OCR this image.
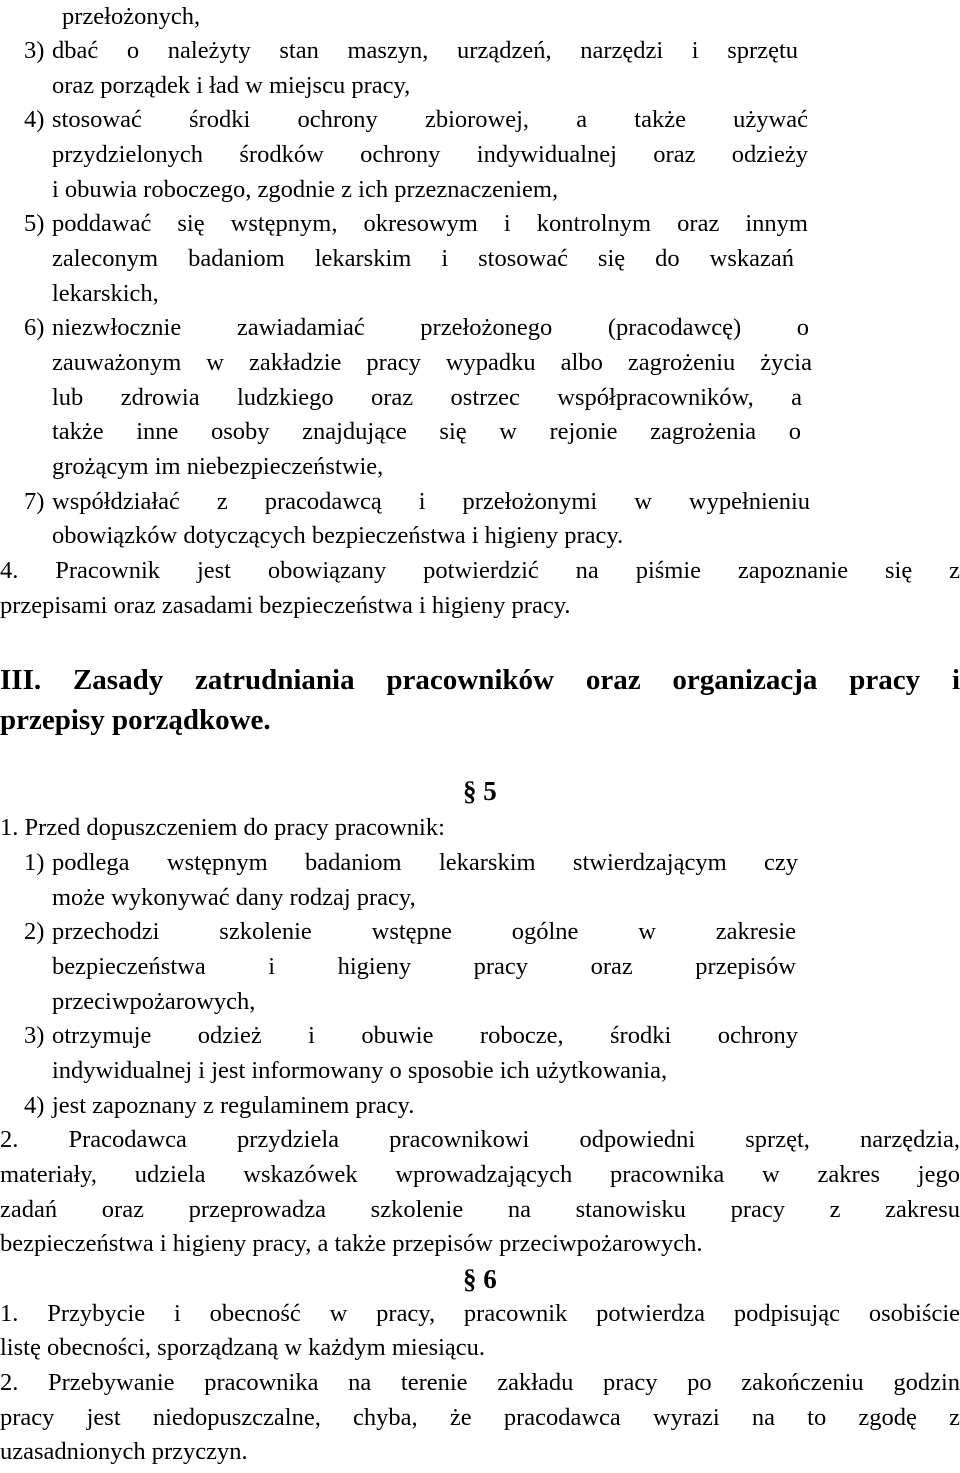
przełożonych,
3) dbać o należyty stan maszyn, urządzeń, narzędzi i sprzętu
oraz porządek i ład w miejscu pracy,
4) stosować środki ochrony zbiorowej, a także używać
przydzielonych środków ochrony indywidualnej oraz odzieży
i obuwia roboczego, zgodnie z ich przeznaczeniem,
5) poddawać się wstępnym, okresowym i kontrolnym oraz innym
zaleconym badaniom lekarskim i stosować się do wskazań
lekarskich,
6) niezwłocznie zawiadamiać przełożonego (pracodawcę) o
zauważonym w zakładzie pracy wypadku albo zagrożeniu życia
lub zdrowia ludzkiego oraz ostrzec współpracowników, a
także inne osoby znajdujące się w rejonie zagrożenia o
grożącym im niebezpieczeństwie,
7) współdziałać z pracodawcą i przełożonymi w wypełnieniu
obowiązków dotyczących bezpieczeństwa i higieny pracy.
4. Pracownik jest obowiązany potwierdzić na piśmie zapoznanie się z
przepisami oraz zasadami bezpieczeństwa i higieny pracy.
III. Zasady zatrudniania pracowników oraz organizacja pracy i
przepisy porządkowe.
§ 5
1. Przed dopuszczeniem do pracy pracownik:
1) podlega wstępnym badaniom lekarskim stwierdzającym czy
może wykonywać dany rodzaj pracy,
2) przechodzi szkolenie wstępne ogólne w zakresie
bezpieczeństwa i higieny pracy oraz przepisów
przeciwpożarowych,
3) otrzymuje odzież i obuwie robocze, środki ochrony
indywidualnej i jest informowany o sposobie ich użytkowania,
4) jest zapoznany z regulaminem pracy.
2. Pracodawca przydziela pracownikowi odpowiedni sprzęt, narzędzia,
materiały, udziela wskazówek wprowadzających pracownika w zakres jego
zadań oraz przeprowadza szkolenie na stanowisku pracy z zakresu
bezpieczeństwa i higieny pracy, a także przepisów przeciwpożarowych.
§ 6
1. Przybycie i obecność w pracy, pracownik potwierdza podpisując osobiście
listę obecności, sporządzaną w każdym miesiącu.
2. Przebywanie pracownika na terenie zakładu pracy po zakończeniu godzin
pracy jest niedopuszczalne, chyba, że pracodawca wyrazi na to zgodę z
uzasadnionych przyczyn.
